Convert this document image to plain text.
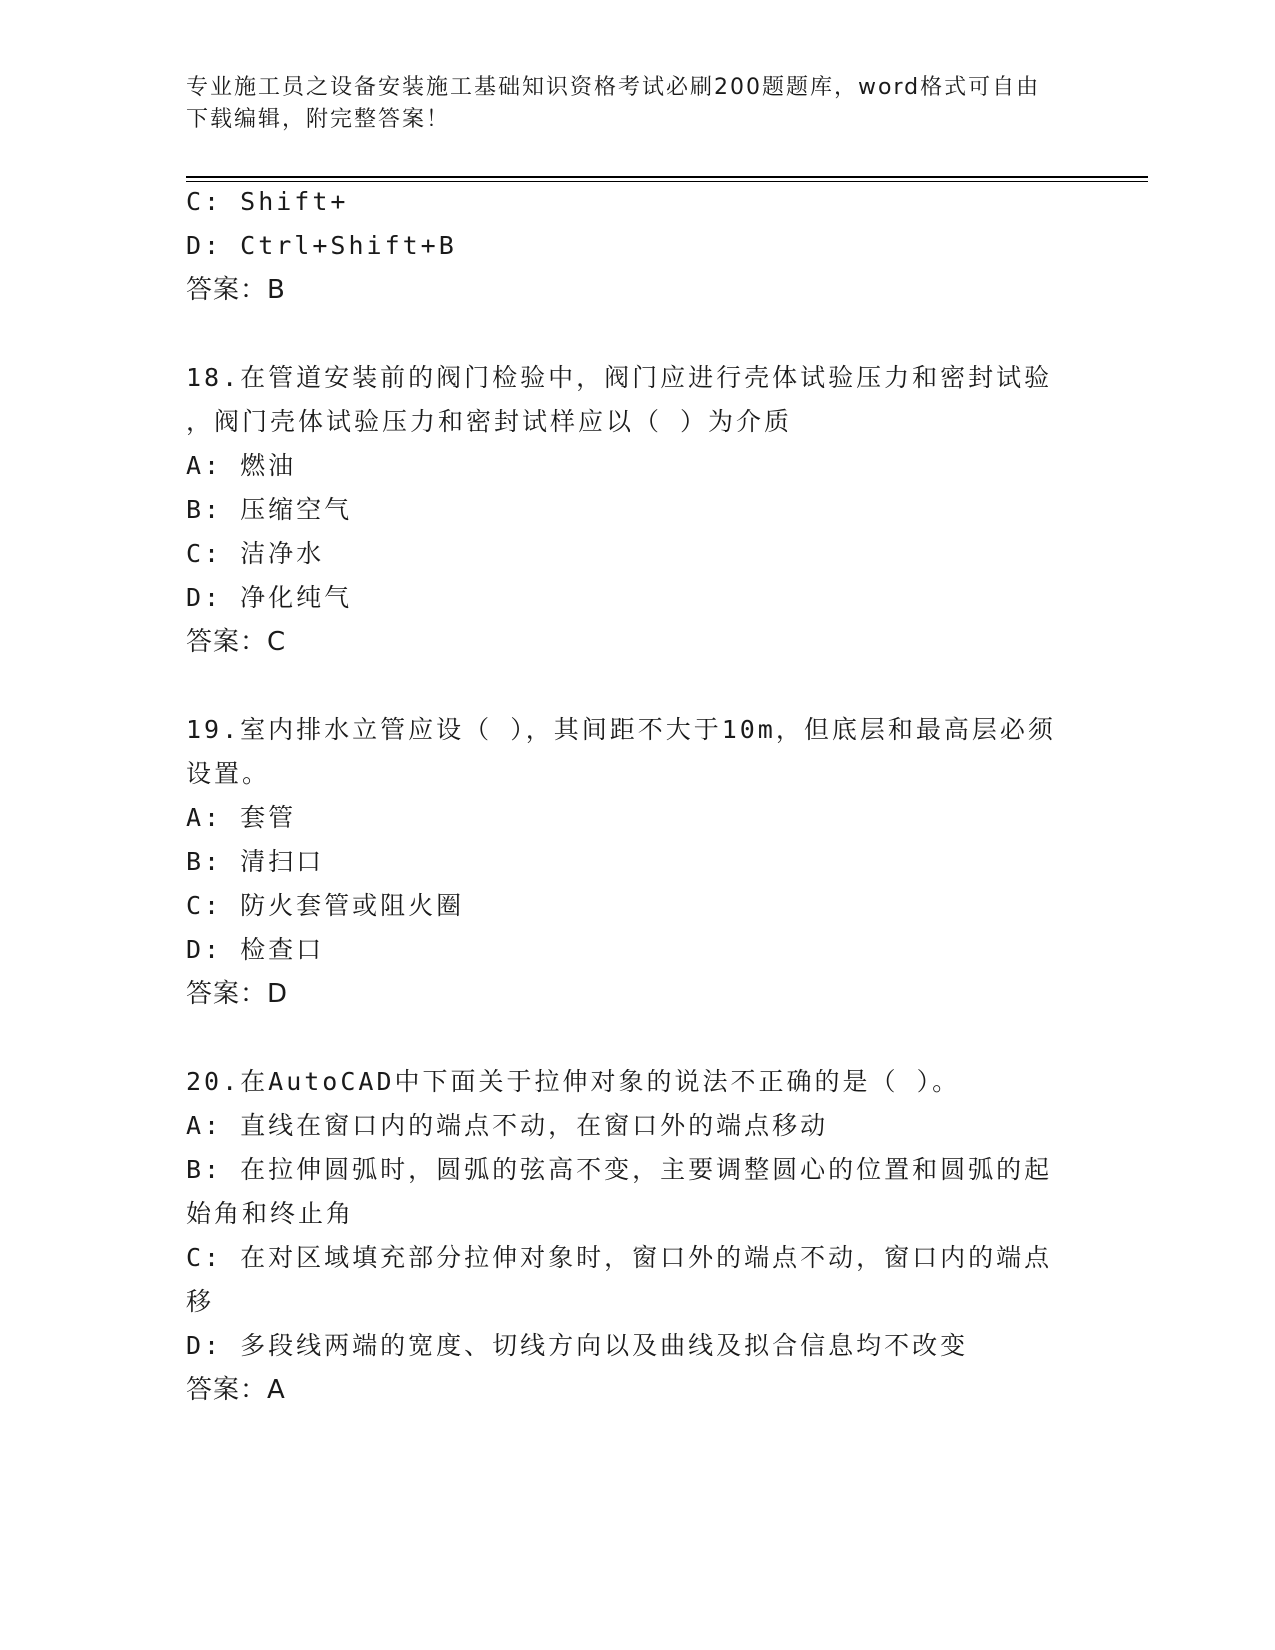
专业施工员之设备安装施工基础知识资格考试必刷200题题库，word格式可自由
下载编辑，附完整答案！
C: Shift+
D: Ctrl+Shift+B
答案：B
18.在管道安装前的阀门检验中，阀门应进行壳体试验压力和密封试验
，阀门壳体试验压力和密封试样应以（ ）为介质
A: 燃油
B: 压缩空气
C: 洁净水
D: 净化纯气
答案：C
19.室内排水立管应设（ ），其间距不大于10m，但底层和最高层必须
设置。
A: 套管
B: 清扫口
C: 防火套管或阻火圈
D: 检查口
答案：D
20.在AutoCAD中下面关于拉伸对象的说法不正确的是（ ）。
A: 直线在窗口内的端点不动，在窗口外的端点移动
B: 在拉伸圆弧时，圆弧的弦高不变，主要调整圆心的位置和圆弧的起
始角和终止角
C: 在对区域填充部分拉伸对象时，窗口外的端点不动，窗口内的端点
移
D: 多段线两端的宽度、切线方向以及曲线及拟合信息均不改变
答案：A
